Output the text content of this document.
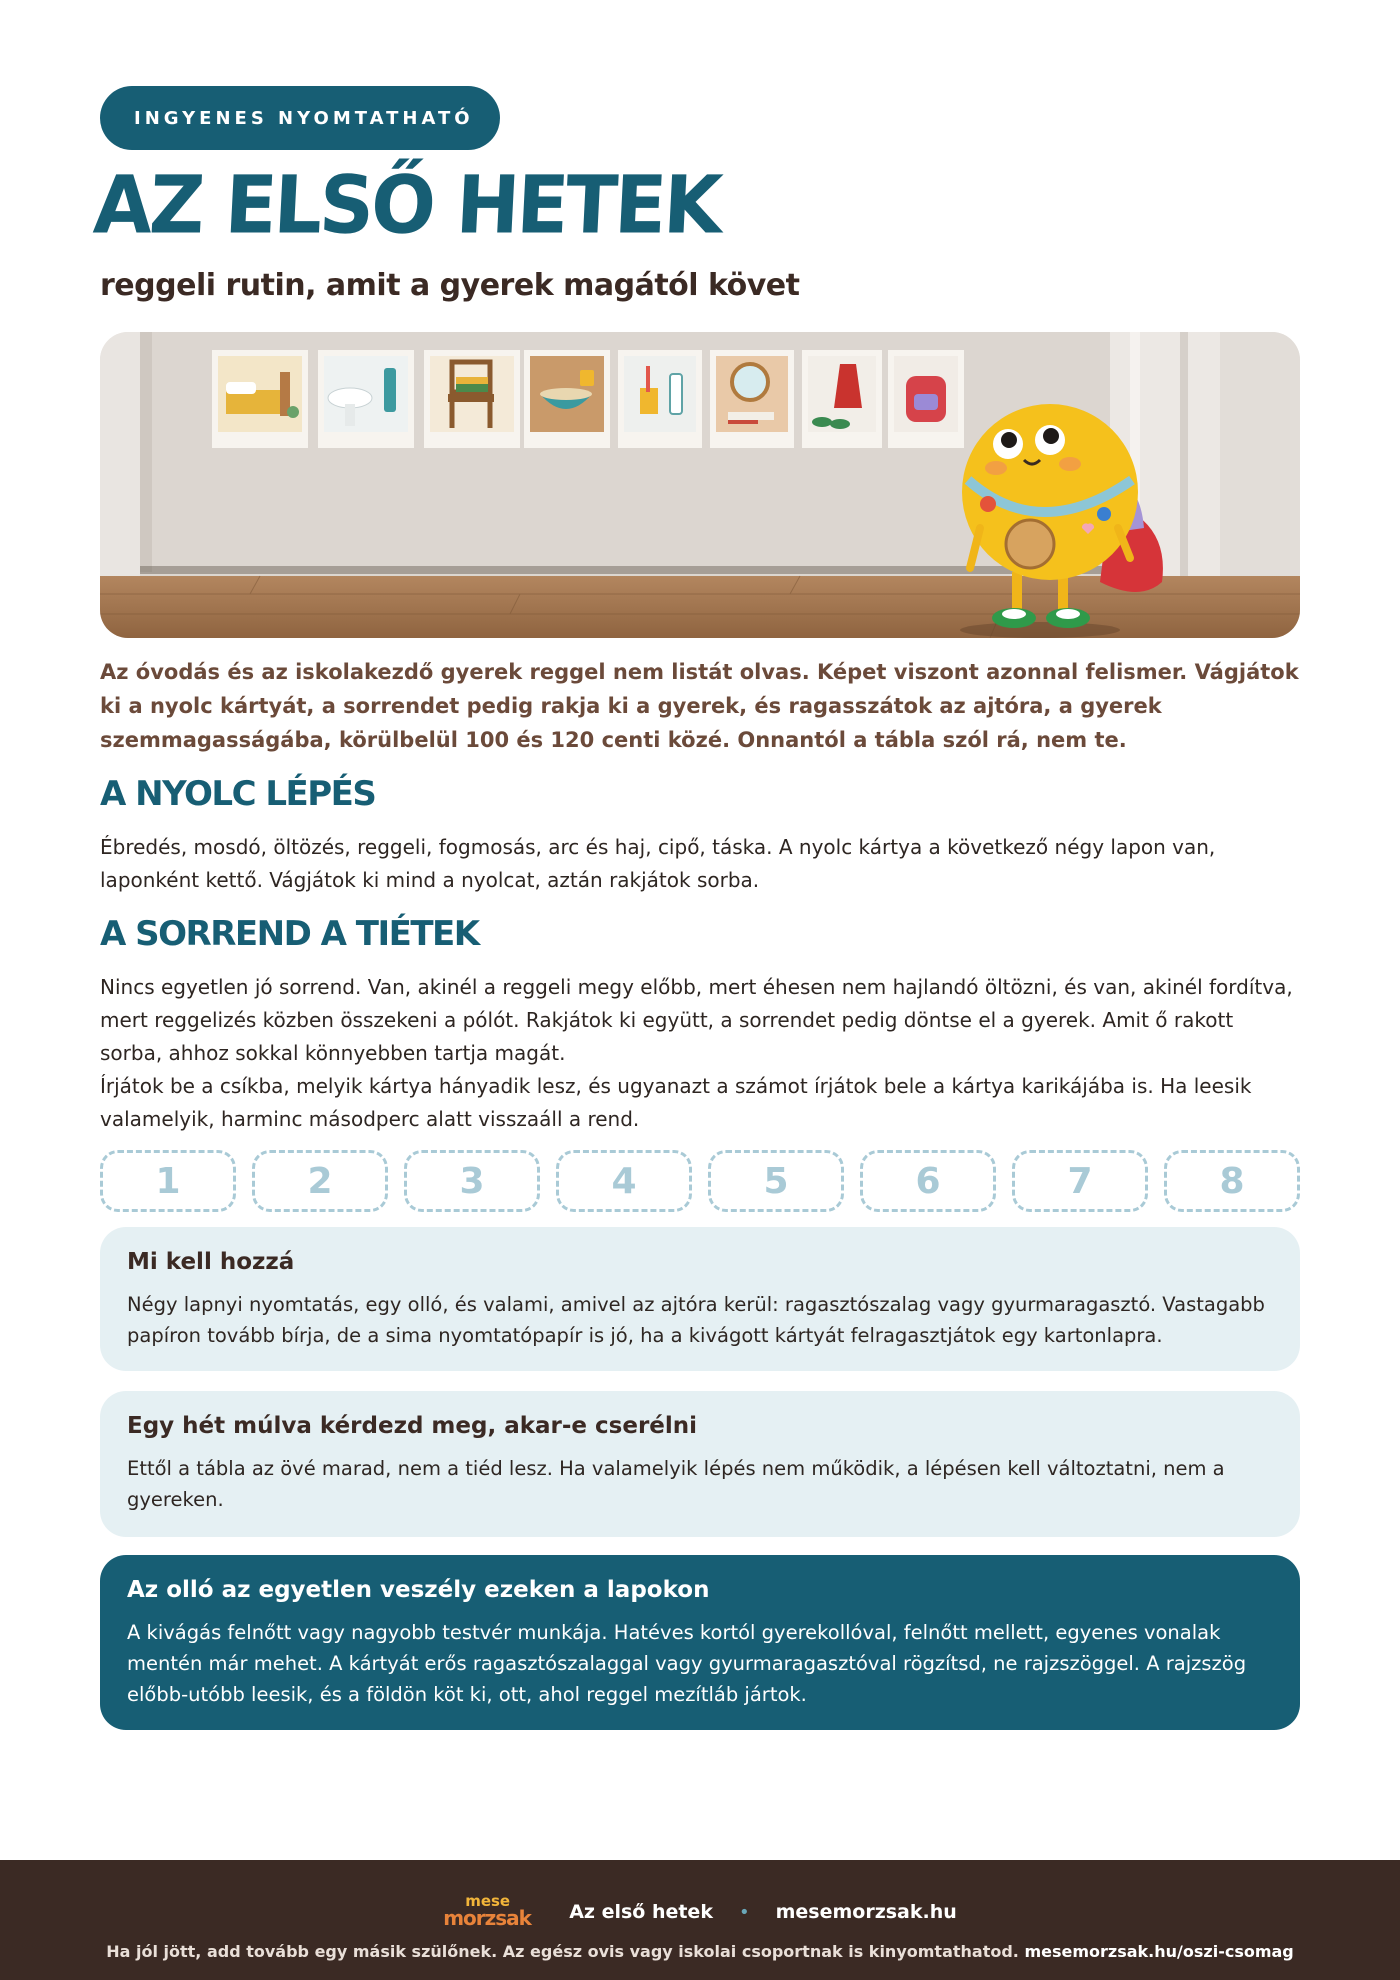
INGYENES NYOMTATHATÓ
AZ ELSŐ HETEK
reggeli rutin, amit a gyerek magától követ

Az óvodás és az iskolakezdő gyerek reggel nem listát olvas. Képet viszont azonnal felismer. Vágjátok ki a nyolc kártyát, a sorrendet pedig rakja ki a gyerek, és ragasszátok az ajtóra, a gyerek szemmagasságába, körülbelül 100 és 120 centi közé. Onnantól a tábla szól rá, nem te.

A NYOLC LÉPÉS

Ébredés, mosdó, öltözés, reggeli, fogmosás, arc és haj, cipő, táska. A nyolc kártya a következő négy lapon van, laponként kettő. Vágjátok ki mind a nyolcat, aztán rakjátok sorba.

A SORREND A TIÉTEK

Nincs egyetlen jó sorrend. Van, akinél a reggeli megy előbb, mert éhesen nem hajlandó öltözni, és van, akinél fordítva, mert reggelizés közben összekeni a pólót. Rakjátok ki együtt, a sorrendet pedig döntse el a gyerek. Amit ő rakott sorba, ahhoz sokkal könnyebben tartja magát.

Írjátok be a csíkba, melyik kártya hányadik lesz, és ugyanazt a számot írjátok bele a kártya karikájába is. Ha leesik valamelyik, harminc másodperc alatt visszaáll a rend.

1	2	3	4	5	6	7	8
Mi kell hozzá
Négy lapnyi nyomtatás, egy olló, és valami, amivel az ajtóra kerül: ragasztószalag vagy gyurmaragasztó. Vastagabb papíron tovább bírja, de a sima nyomtatópapír is jó, ha a kivágott kártyát felragasztjátok egy kartonlapra.
Egy hét múlva kérdezd meg, akar-e cserélni
Ettől a tábla az övé marad, nem a tiéd lesz. Ha valamelyik lépés nem működik, a lépésen kell változtatni, nem a gyereken.
Az olló az egyetlen veszély ezeken a lapokon
A kivágás felnőtt vagy nagyobb testvér munkája. Hatéves kortól gyerekollóval, felnőtt mellett, egyenes vonalak mentén már mehet. A kártyát erős ragasztószalaggal vagy gyurmaragasztóval rögzítsd, ne rajzszöggel. A rajzszög előbb-utóbb leesik, és a földön köt ki, ott, ahol reggel mezítláb jártok.
mese
morzsak Az első hetek • mesemorzsak.hu
Ha jól jött, add tovább egy másik szülőnek. Az egész ovis vagy iskolai csoportnak is kinyomtathatod. mesemorzsak.hu/oszi-csomag
